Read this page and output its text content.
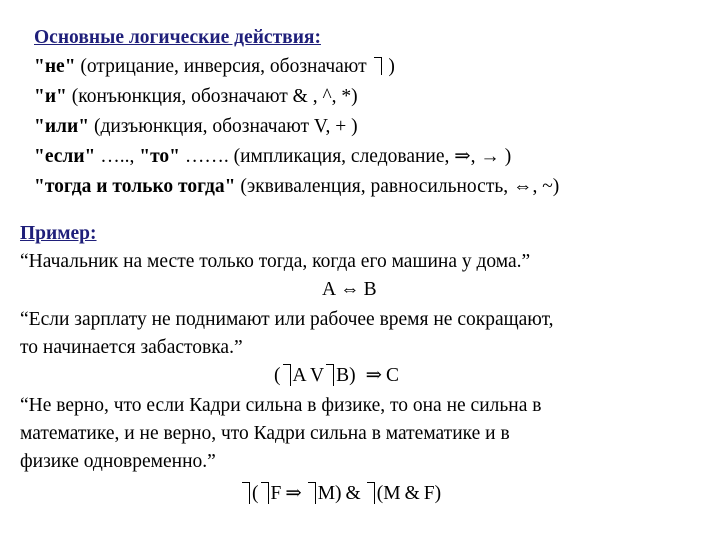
Основные логические действия:
"не" (отрицание, инверсия, обозначают  )
"и" (конъюнкция, обозначают & , ^, *)
"или" (дизъюнкция, обозначают V, + )
"если" ….., "то" ……. (импликация, следование, ⇒, → )
"тогда и только тогда" (эквиваленция, равносильность, ⇔, ~)
Пример:
“Начальник на месте только тогда, когда его машина у дома.”
A ⇔ B
“Если зарплату не поднимают или рабочее время не сокращают,
то начинается забастовка.”
( A V B) ⇒ C
“Не верно, что если Кадри сильна в физике, то она не сильна в
математике, и не верно, что Кадри сильна в математике и в
физике одновременно.”
( F ⇒ M) & (M & F)
